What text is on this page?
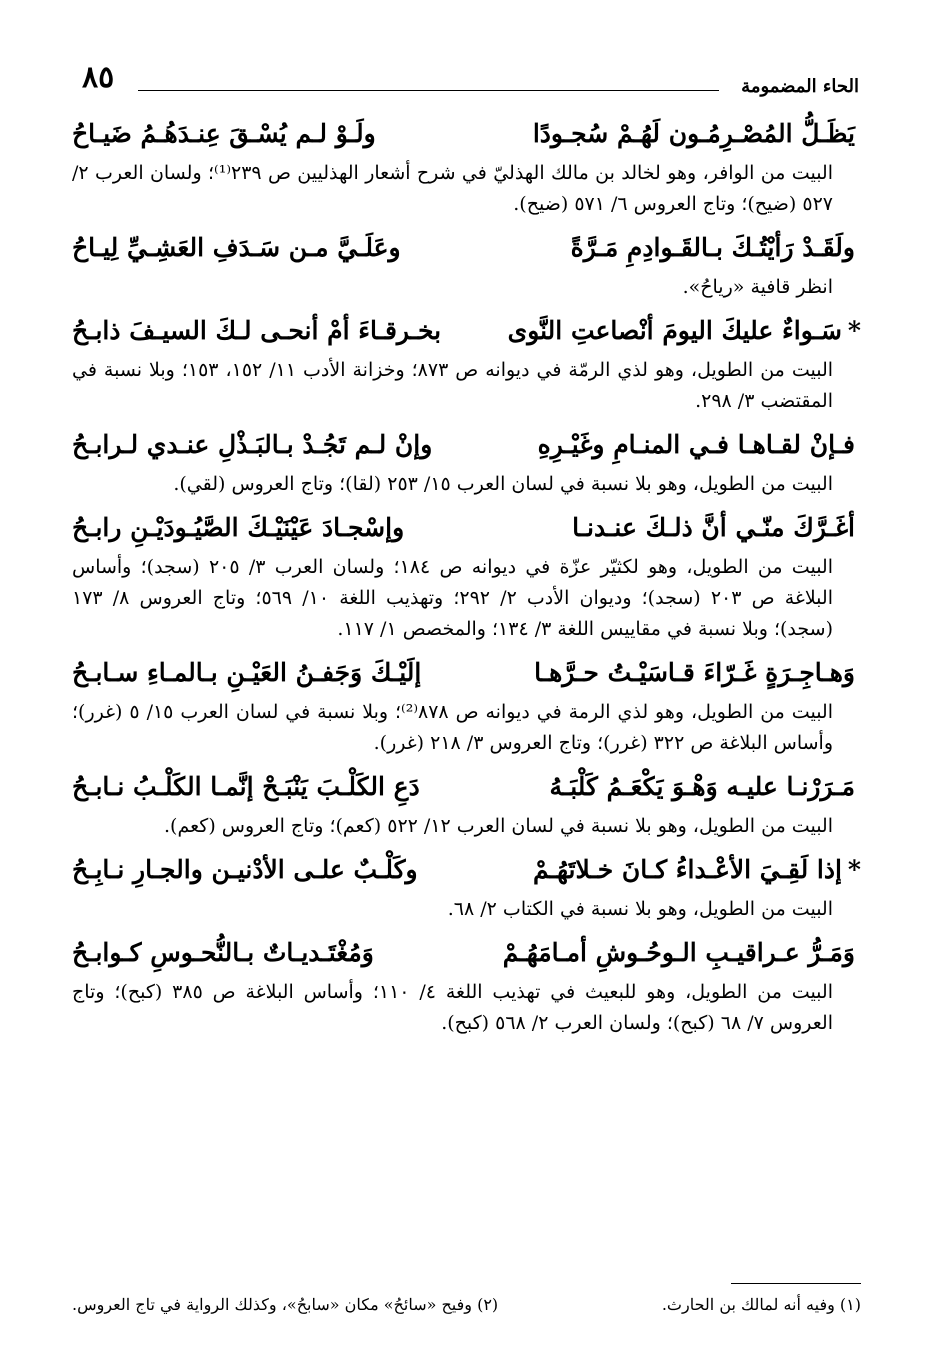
٨٥	الحاء المضمومة
يَظَـلُّ المُصْـرِمُـون لَهُـمْ سُجـودًا
ولَـوْ لـم يُسْـقَ عِنـدَهُـمُ ضَيـاحُ

البيت من الوافر، وهو لخالد بن مالك الهذليّ في شرح أشعار الهذليين ص ٢٣٩⁽¹⁾؛ ولسان العرب ٢/ ٥٢٧ (ضيح)؛ وتاج العروس ٦/ ٥٧١ (ضيح).

ولَقَـدْ رَأيْتُـكَ بـالقَـوادِمِ مَـرَّةً
وعَلَـيَّ مـن سَـدَفِ العَشِـيِّ لِيـاحُ

انظر قافية «رياحُ».

*سَـواءٌ عليكَ اليومَ أنْصاعتِ النَّوى
بخـرقـاءَ أمْ أنحـى لـكَ السيـفَ ذابـحُ

البيت من الطويل، وهو لذي الرمّة في ديوانه ص ٨٧٣؛ وخزانة الأدب ١١/ ١٥٢، ١٥٣؛ وبلا نسبة في المقتضب ٣/ ٢٩٨.

فـإنْ لقـاهـا فـي المنـامِ وغَيْـرِهِ
وإنْ لـم تَجُـدْ بـالبَـذْلِ عنـدي لـرابـحُ

البيت من الطويل، وهو بلا نسبة في لسان العرب ١٥/ ٢٥٣ (لقا)؛ وتاج العروس (لقي).

أغَـرَّكَ منّـي أنَّ ذلـكَ عنـدنـا
وإسْجـادَ عَيْنَيْـكَ الصَّيُـودَيْـنِ رابـحُ

البيت من الطويل، وهو لكثيّر عزّة في ديوانه ص ١٨٤؛ ولسان العرب ٣/ ٢٠٥ (سجد)؛ وأساس البلاغة ص ٢٠٣ (سجد)؛ وديوان الأدب ٢/ ٢٩٢؛ وتهذيب اللغة ١٠/ ٥٦٩؛ وتاج العروس ٨/ ١٧٣ (سجد)؛ وبلا نسبة في مقاييس اللغة ٣/ ١٣٤؛ والمخصص ١/ ١١٧.

وَهـاجِـرَةٍ غَـرّاءَ قـاسَيْـتُ حـرَّهـا
إلَيْـكَ وَجَفـنُ العَيْـنِ بـالمـاءِ سـابـحُ

البيت من الطويل، وهو لذي الرمة في ديوانه ص ٨٧٨⁽²⁾؛ وبلا نسبة في لسان العرب ١٥/ ٥ (غرر)؛ وأساس البلاغة ص ٣٢٢ (غرر)؛ وتاج العروس ٣/ ٢١٨ (غرر).

مَـرَرْنـا عليـه وَهْـوَ يَكْعَـمُ كَلْبَـهُ
دَعِ الكَلْـبَ يَنْبَـحْ إنَّمـا الكَلْـبُ نـابـحُ

البيت من الطويل، وهو بلا نسبة في لسان العرب ١٢/ ٥٢٢ (كعم)؛ وتاج العروس (كعم).

*إذا لَقِـيَ الأعْـداءُ كـانَ خـلاتَهُـمْ
وكَلْـبٌ علـى الأدْنيـن والجـارِ نـابِـحُ

البيت من الطويل، وهو بلا نسبة في الكتاب ٢/ ٦٨.

وَمَـرُّ عـراقيـبِ الـوحُـوشِ أمـامَهُـمْ
وَمُغْتَـديـاتٌ بـالنُّحـوسِ كـوابـحُ

البيت من الطويل، وهو للبعيث في تهذيب اللغة ٤/ ١١٠؛ وأساس البلاغة ص ٣٨٥ (كبح)؛ وتاج العروس ٧/ ٦٨ (كبح)؛ ولسان العرب ٢/ ٥٦٨ (كبح).

(١) وفيه أنه لمالك بن الحارث.
(٢) وفيح «سائحُ» مكان «سابحُ»، وكذلك الرواية في تاج العروس.
